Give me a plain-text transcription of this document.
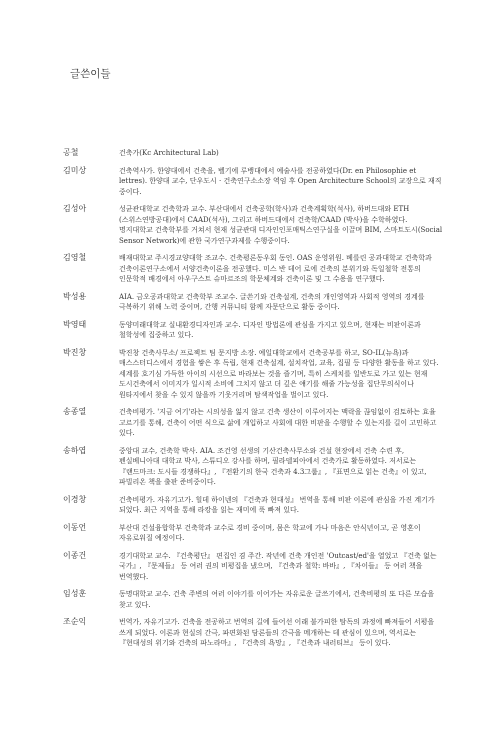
글쓴이들
공철	건축가(Kc Architectural Lab)
김미상	건축역사가. 한양대에서 건축을, 벨기에 루뱅대에서 예술사를 전공하였다(Dr. en Philosophie et lettres). 한양대 교수, 단우도시 · 건축연구소소장 역임 후 Open Architecture School의 교장으로 재직 중이다.
김성아	성균관대학교 건축학과 교수. 부산대에서 건축공학(학사)과 건축계획학(석사), 하버드대와 ETH (스위스연방공대)에서 CAAD(석사), 그리고 하버드대에서 건축학/CAAD (박사)을 수학하였다. 명지대학교 건축학부를 거쳐서 현재 성균관대 디자인인포매틱스연구실을 이끌며 BIM, 스마트도시(Social Sensor Network)에 관한 국가연구과제를 수행중이다.
김영철	배재대학교 주시경교양대학 조교수. 건축평론동우회 동인. OAS 운영위원. 베를린 공과대학교 건축학과 건축이론연구소에서 서양건축이론을 전공했다. 미스 반 데어 로에 건축의 분위기와 독일철학 전통의 인문학적 배경에서 아우구스트 슈마르조의 학문체계와 건축이론 및 그 수용을 연구했다.
박성용	AIA. 금오공과대학교 건축학부 조교수. 글쓴기와 건축설계, 건축의 개인영역과 사회적 영역의 경계를 극복하기 위해 노력 중이며, 간행 커뮤니티 함께 자문단으로 활동 중이다.
박영태	동양미래대학교 실내환경디자인과 교수. 디자인 방법론에 관심을 가지고 있으며, 현재는 비판이론과 철학성에 집중하고 있다.
박진창	박진창 건축사무소/ 프로젝트 팀 문지방 소장. 예일대학교에서 건축공부를 하고, SO-IL(뉴욕)과 매스스터디스에서 경험을 쌓은 후 독립, 현재 건축설계, 설치작업, 교육, 집필 등 다양한 활동을 하고 있다. 세계를 호기심 가득한 아이의 시선으로 바라보는 것을 즐기며, 특히 스케치를 일반도로 가고 있는 현재 도시건축에서 이미지가 일시적 소비에 그치지 않고 더 깊은 얘기를 해줄 가능성을 집단무의식이나 원타지에서 찾을 수 있지 않을까 기웃거리며 탐색작업을 벌이고 있다.
송종열	건축비평가. '지금 여기'라는 시의성을 잃지 않고 건축 생산이 이루어지는 맥락을 끊임없이 검토하는 효율 고르기를 통해, 건축이 어떤 식으로 삶에 개입하고 사회에 대한 비판을 수행할 수 있는지를 길이 고민하고 있다.
송하엽	중앙대 교수, 건축학 박사. AIA. 조건영 선생의 기산건축사무소와 건설 현장에서 건축 수련 후, 펜실베니아대 대학교 박사, 스튜디오 강사를 하며, 필라델피아에서 건축가로 활동하였다. 저서로는 『랜드마크: 도시들 경쟁하다』, 『전환기의 한국 건축과 4.3그룹』, 『표면으로 읽는 건축』이 있고, 파빌리온 책을 출판 준비중이다.
이경창	건축비평가. 자유기고가. 힐데 하이넨의 『건축과 현대성』 번역을 통해 비판 이론에 관심을 가진 계기가 되었다. 최근 지역을 통해 라캉을 읽는 재미에 푹 빠져 있다.
이동언	부산대 건설융합학부 건축학과 교수로 경비 중이며, 몸은 학교에 가나 마음은 안식년이고, 곧 영혼이 자유로워질 예정이다.
이종건	경기대학교 교수. 『건축평단』 편집인 겸 주간. 작년에 건축 개인전 'Outcast/ed'을 열었고 『건축 없는 국가』, 『문제들』 등 여러 권의 비평집을 냈으며, 『건축과 철학: 바바』, 『차이들』 등 여러 책을 번역했다.
임성훈	동명대학교 교수. 건축 주변의 여러 이야기를 이어가는 자유로운 글쓰기에서, 건축비평의 또 다른 모습을 찾고 있다.
조순익	번역가, 자유기고가. 건축을 전공하고 번역의 길에 들어선 이래 불가피한 탐독의 과정에 빠져들어 서평을 쓰게 되었다. 이론과 현실의 간극, 파편화된 담론들의 간극을 메개하는 데 관심이 있으며, 역서로는 『현대성의 위기와 건축의 파노라마』, 『건축의 욕망』, 『건축과 내러티브』 등이 있다.
